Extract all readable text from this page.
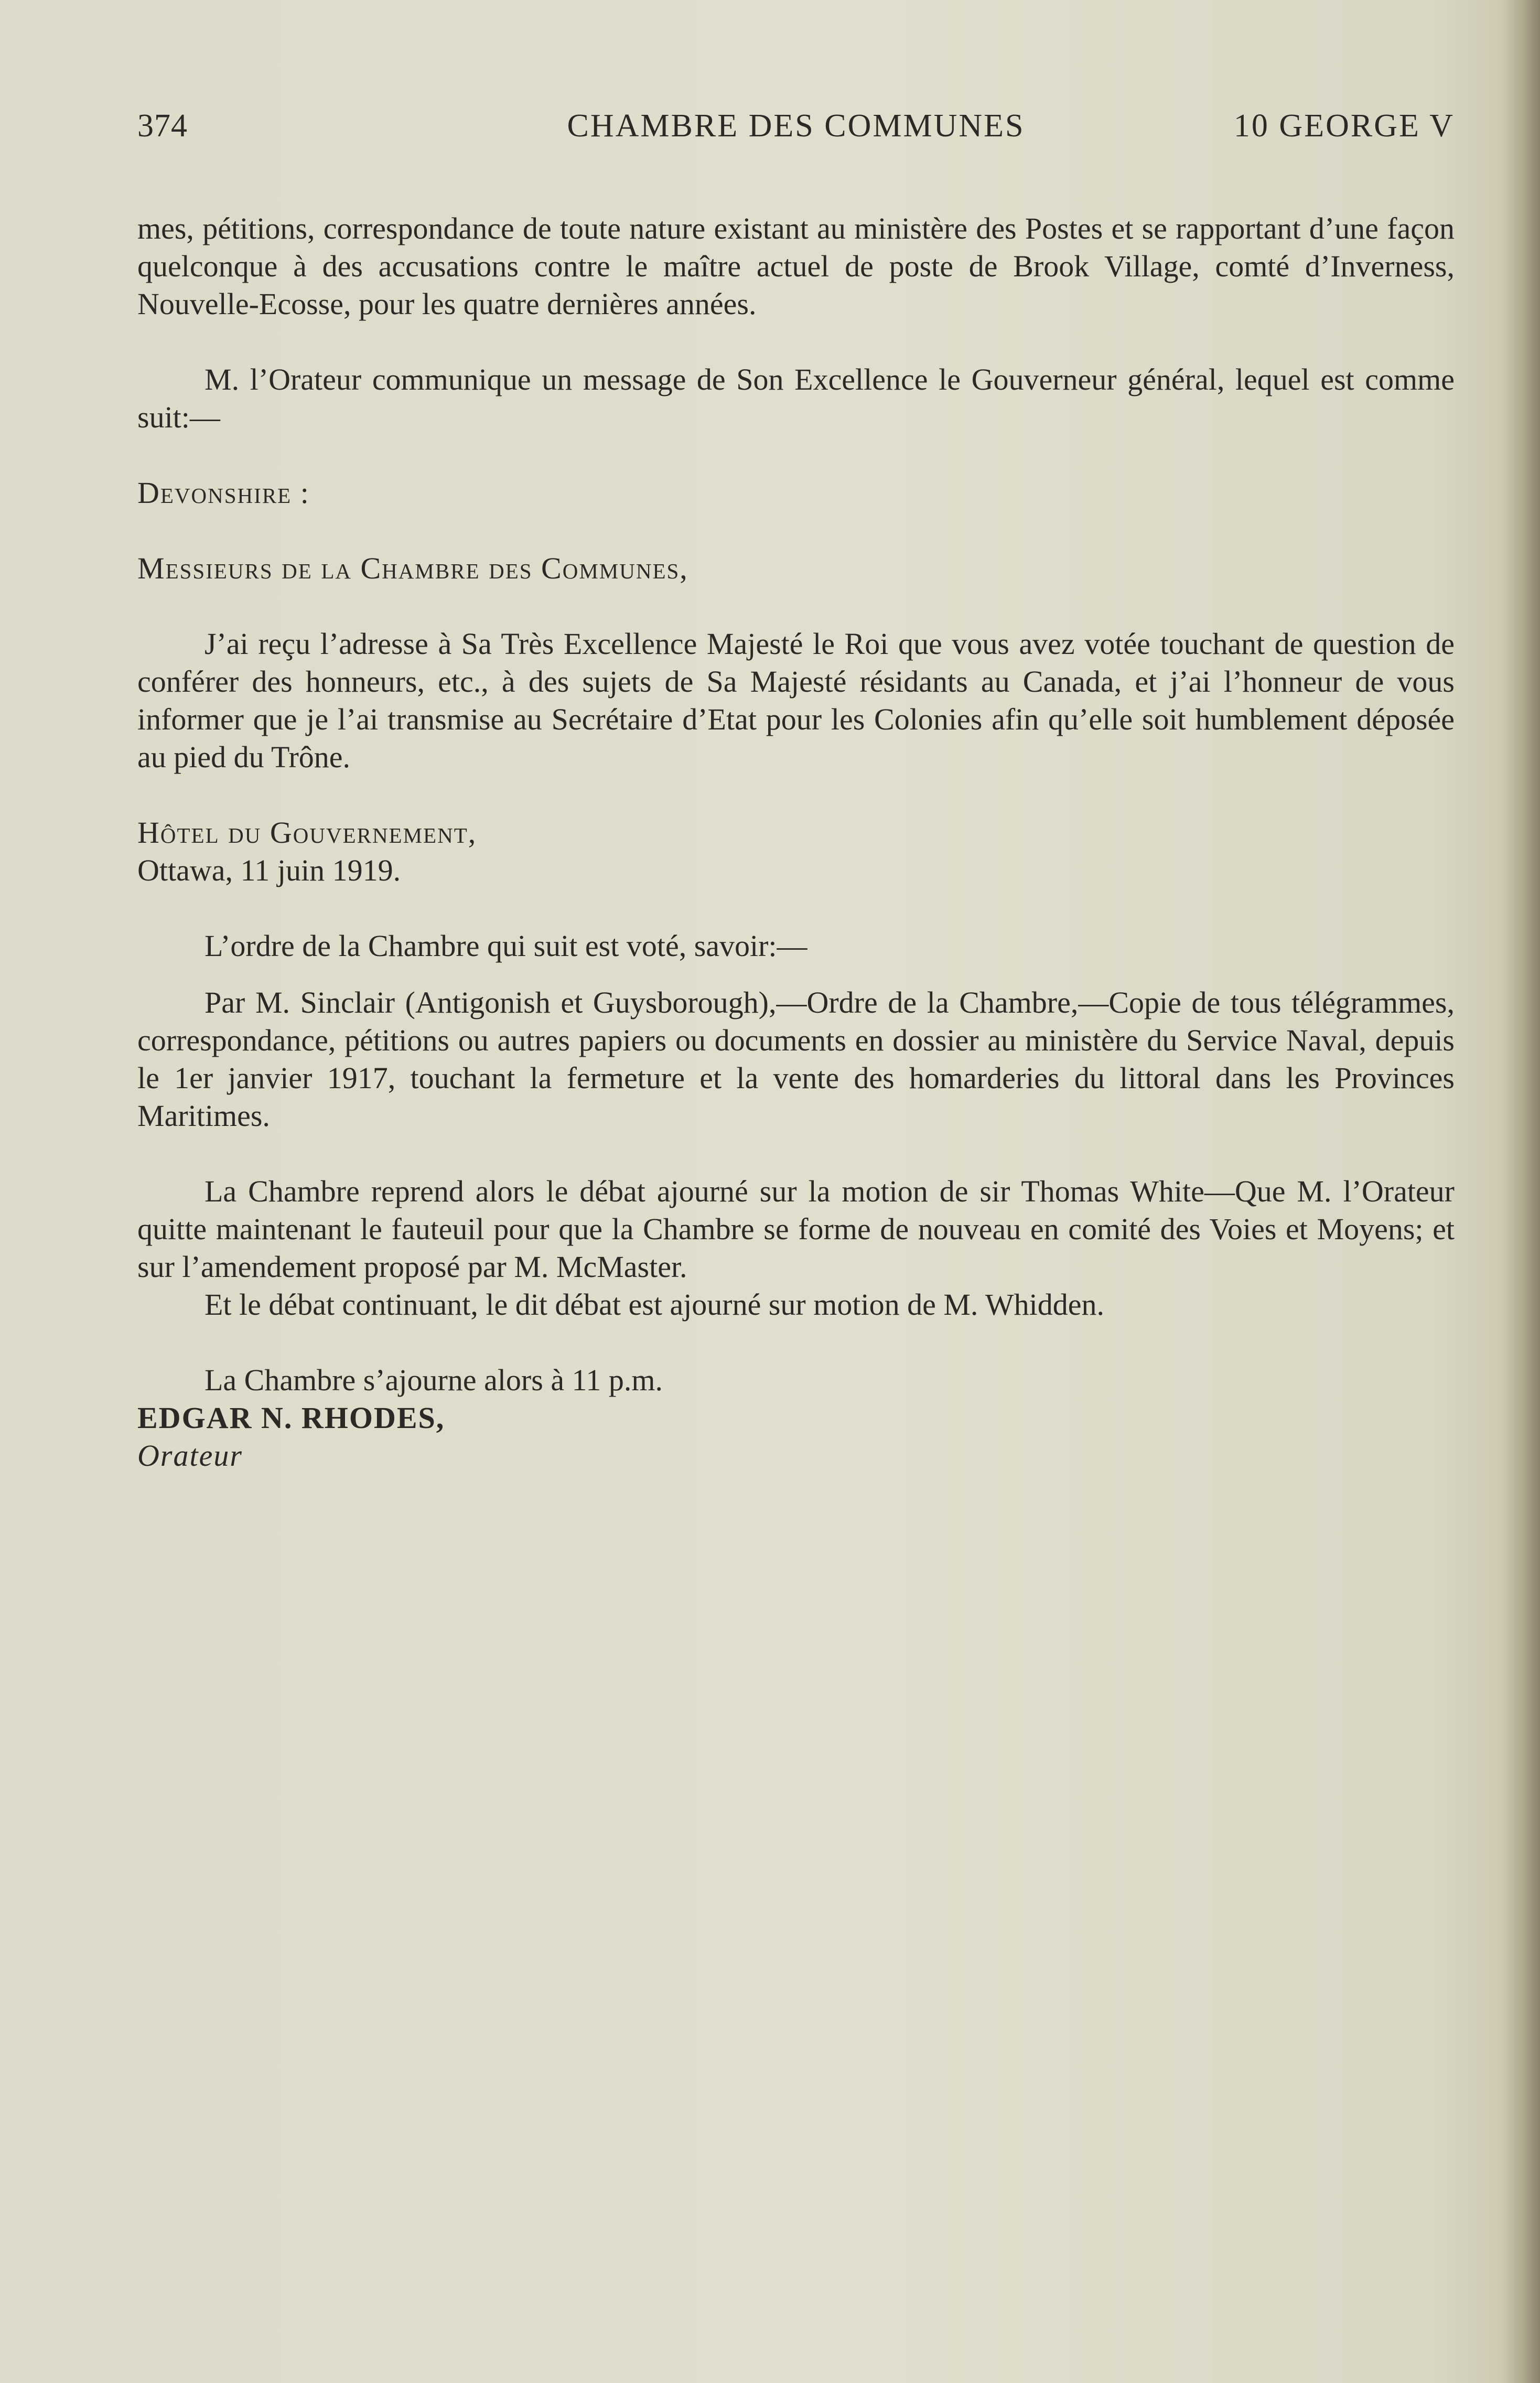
374	CHAMBRE DES COMMUNES	10 GEORGE V

mes, pétitions, correspondance de toute nature existant au ministère des Postes et se rapportant d’une façon quelconque à des accusations contre le maître actuel de poste de Brook Village, comté d’Inverness, Nouvelle-Ecosse, pour les quatre dernières années.

M. l’Orateur communique un message de Son Excellence le Gouverneur général, lequel est comme suit:—

Devonshire :

Messieurs de la Chambre des Communes,

J’ai reçu l’adresse à Sa Très Excellence Majesté le Roi que vous avez votée touchant de question de conférer des honneurs, etc., à des sujets de Sa Majesté résidants au Canada, et j’ai l’honneur de vous informer que je l’ai transmise au Secrétaire d’Etat pour les Colonies afin qu’elle soit humblement déposée au pied du Trône.

Hôtel du Gouvernement,

Ottawa, 11 juin 1919.

L’ordre de la Chambre qui suit est voté, savoir:—

Par M. Sinclair (Antigonish et Guysborough),—Ordre de la Chambre,—Copie de tous télégrammes, correspondance, pétitions ou autres papiers ou documents en dossier au ministère du Service Naval, depuis le 1er janvier 1917, touchant la fermeture et la vente des homarderies du littoral dans les Provinces Maritimes.

La Chambre reprend alors le débat ajourné sur la motion de sir Thomas White—Que M. l’Orateur quitte maintenant le fauteuil pour que la Chambre se forme de nouveau en comité des Voies et Moyens; et sur l’amendement proposé par M. McMaster.

Et le débat continuant, le dit débat est ajourné sur motion de M. Whidden.

La Chambre s’ajourne alors à 11 p.m.

EDGAR N. RHODES,

Orateur
